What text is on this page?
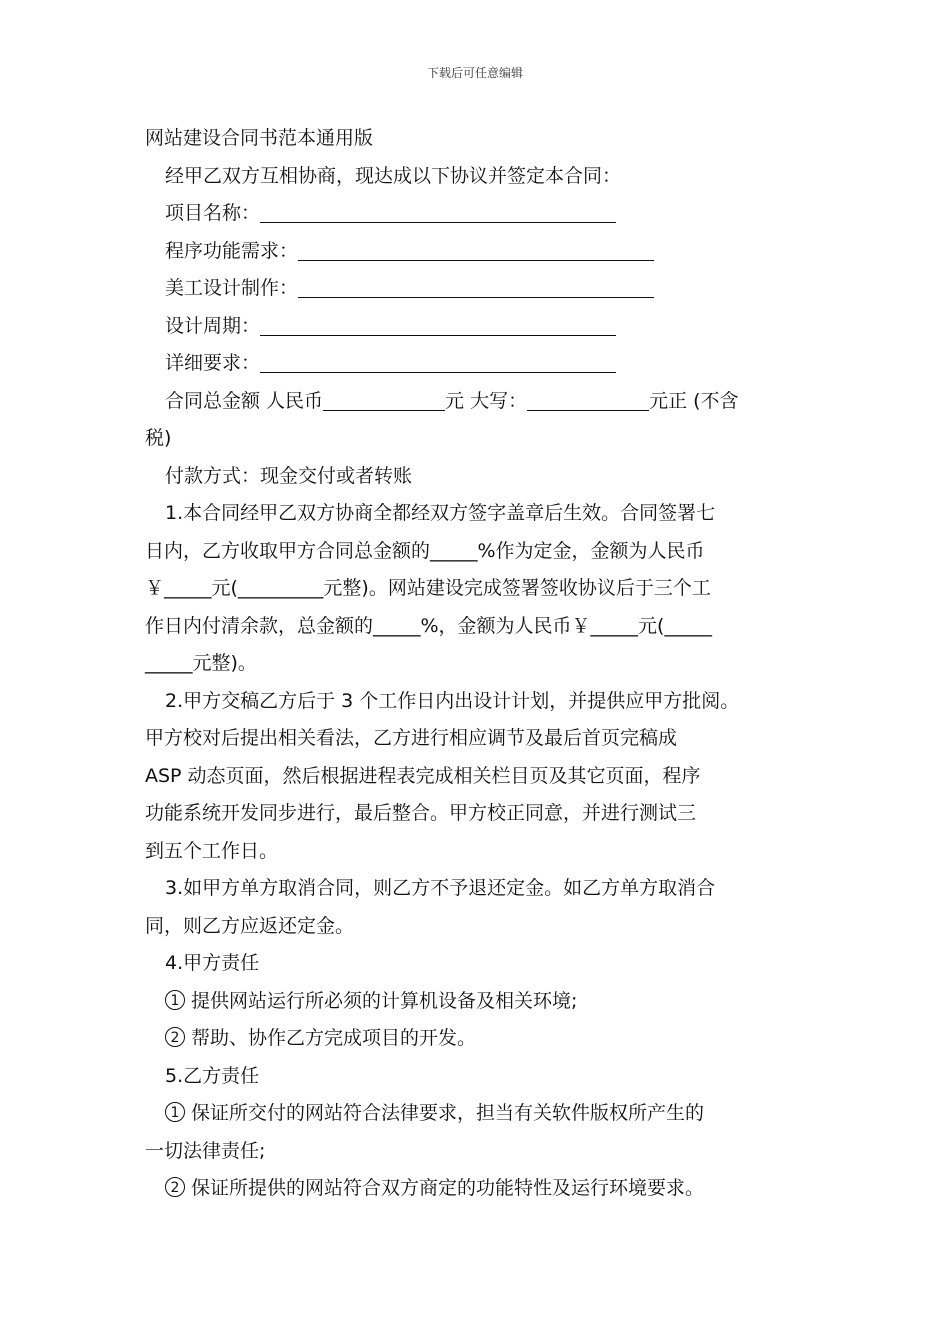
下载后可任意编辑

网站建设合同书范本通用版

经甲乙双方互相协商，现达成以下协议并签定本合同：

项目名称：

程序功能需求：

美工设计制作：

设计周期：

详细要求：

合同总金额 人民币	元 大写：	元正 (不含

税)

付款方式：现金交付或者转账

1.本合同经甲乙双方协商全都经双方签字盖章后生效。合同签署七

日内，乙方收取甲方合同总金额的_____%作为定金，金额为人民币

￥_____元(_________元整)。网站建设完成签署签收协议后于三个工

作日内付清余款，总金额的_____%，金额为人民币￥_____元(_____

_____元整)。

2.甲方交稿乙方后于 3 个工作日内出设计计划，并提供应甲方批阅。

甲方校对后提出相关看法，乙方进行相应调节及最后首页完稿成

ASP 动态页面，然后根据进程表完成相关栏目页及其它页面，程序

功能系统开发同步进行，最后整合。甲方校正同意，并进行测试三

到五个工作日。

3.如甲方单方取消合同，则乙方不予退还定金。如乙方单方取消合

同，则乙方应返还定金。

4.甲方责任

1 提供网站运行所必须的计算机设备及相关环境;

2 帮助、协作乙方完成项目的开发。

5.乙方责任

1 保证所交付的网站符合法律要求，担当有关软件版权所产生的

一切法律责任;

2 保证所提供的网站符合双方商定的功能特性及运行环境要求。
